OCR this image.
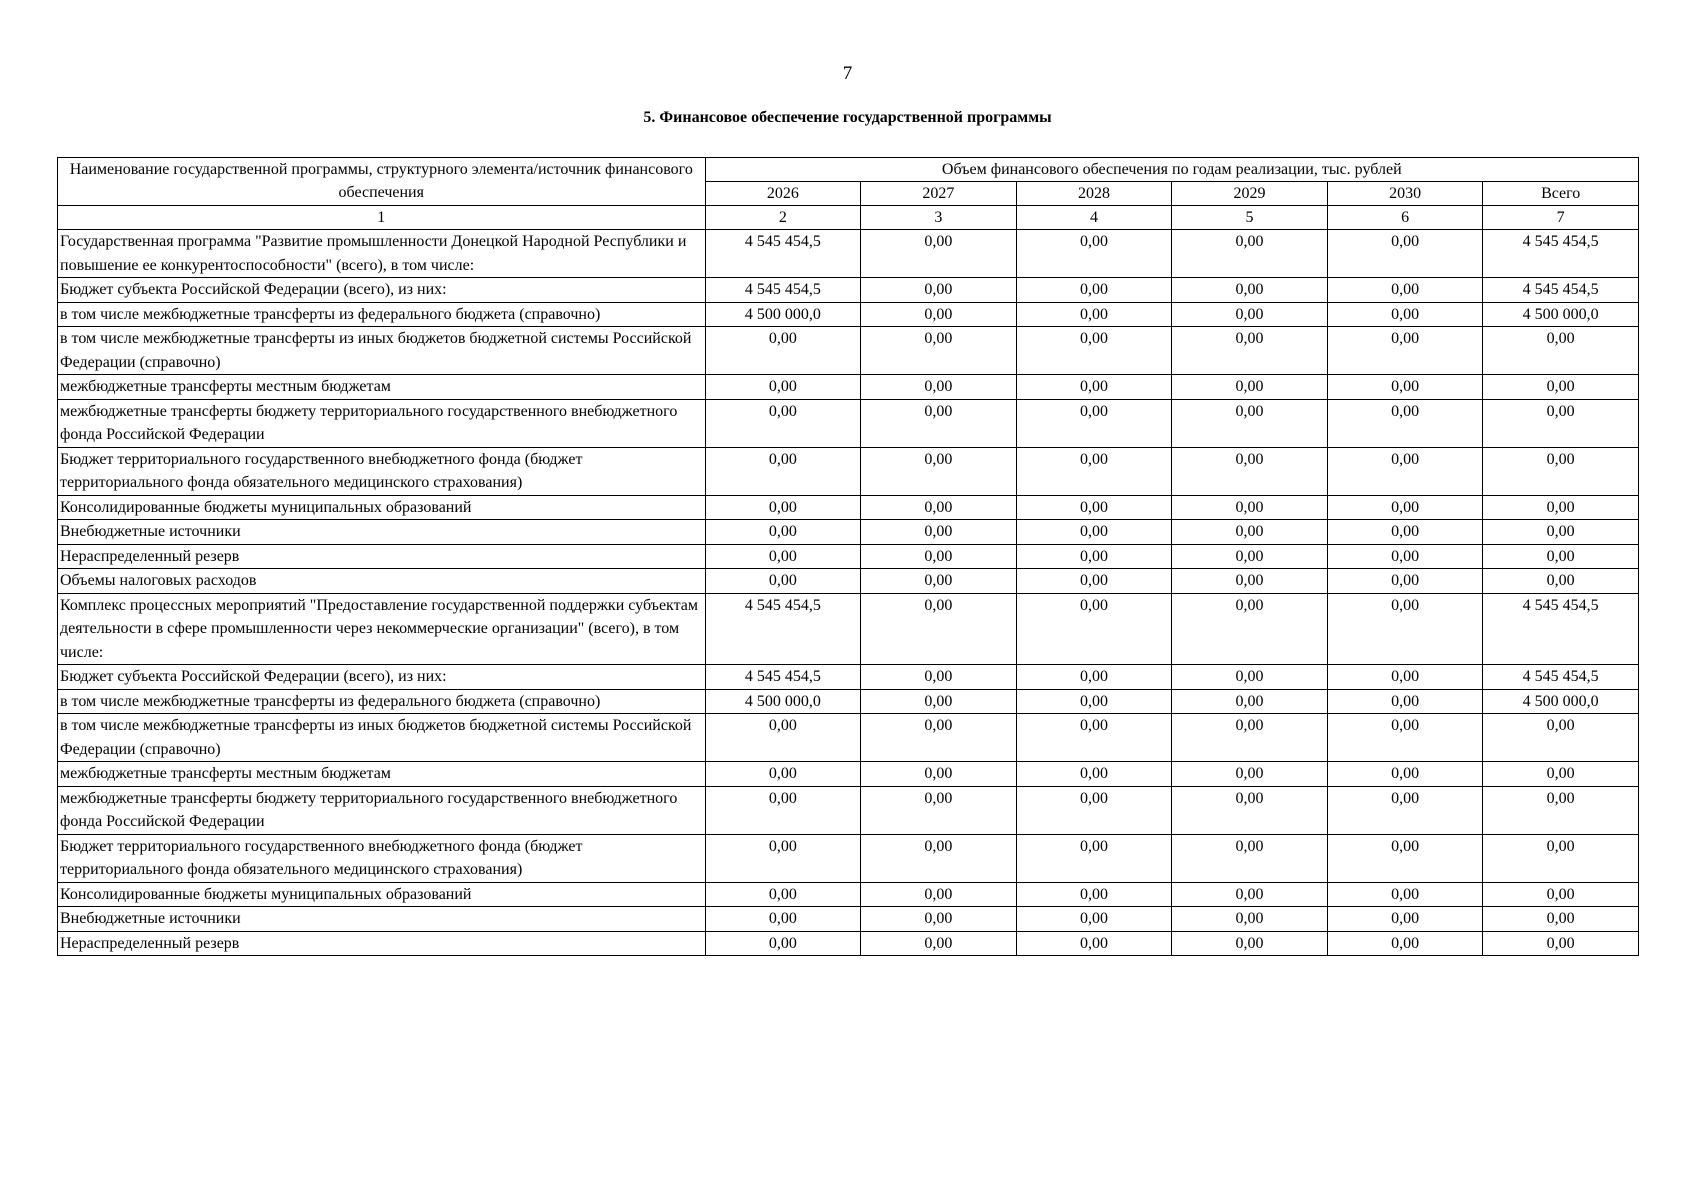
7
5. Финансовое обеспечение государственной программы
Наименование государственной программы, структурного элемента/источник финансового обеспечения	Объем финансового обеспечения по годам реализации, тыс. рублей					
	2026	2027	2028	2029	2030	Всего
1	2	3	4	5	6	7
Государственная программа "Развитие промышленности Донецкой Народной Республики и повышение ее конкурентоспособности" (всего), в том числе:	4 545 454,5	0,00	0,00	0,00	0,00	4 545 454,5
Бюджет субъекта Российской Федерации (всего), из них:	4 545 454,5	0,00	0,00	0,00	0,00	4 545 454,5
в том числе межбюджетные трансферты из федерального бюджета (справочно)	4 500 000,0	0,00	0,00	0,00	0,00	4 500 000,0
в том числе межбюджетные трансферты из иных бюджетов бюджетной системы Российской Федерации (справочно)	0,00	0,00	0,00	0,00	0,00	0,00
межбюджетные трансферты местным бюджетам	0,00	0,00	0,00	0,00	0,00	0,00
межбюджетные трансферты бюджету территориального государственного внебюджетного фонда Российской Федерации	0,00	0,00	0,00	0,00	0,00	0,00
Бюджет территориального государственного внебюджетного фонда (бюджет территориального фонда обязательного медицинского страхования)	0,00	0,00	0,00	0,00	0,00	0,00
Консолидированные бюджеты муниципальных образований	0,00	0,00	0,00	0,00	0,00	0,00
Внебюджетные источники	0,00	0,00	0,00	0,00	0,00	0,00
Нераспределенный резерв	0,00	0,00	0,00	0,00	0,00	0,00
Объемы налоговых расходов	0,00	0,00	0,00	0,00	0,00	0,00
Комплекс процессных мероприятий "Предоставление государственной поддержки субъектам деятельности в сфере промышленности через некоммерческие организации" (всего), в том числе:	4 545 454,5	0,00	0,00	0,00	0,00	4 545 454,5
Бюджет субъекта Российской Федерации (всего), из них:	4 545 454,5	0,00	0,00	0,00	0,00	4 545 454,5
в том числе межбюджетные трансферты из федерального бюджета (справочно)	4 500 000,0	0,00	0,00	0,00	0,00	4 500 000,0
в том числе межбюджетные трансферты из иных бюджетов бюджетной системы Российской Федерации (справочно)	0,00	0,00	0,00	0,00	0,00	0,00
межбюджетные трансферты местным бюджетам	0,00	0,00	0,00	0,00	0,00	0,00
межбюджетные трансферты бюджету территориального государственного внебюджетного фонда Российской Федерации	0,00	0,00	0,00	0,00	0,00	0,00
Бюджет территориального государственного внебюджетного фонда (бюджет территориального фонда обязательного медицинского страхования)	0,00	0,00	0,00	0,00	0,00	0,00
Консолидированные бюджеты муниципальных образований	0,00	0,00	0,00	0,00	0,00	0,00
Внебюджетные источники	0,00	0,00	0,00	0,00	0,00	0,00
Нераспределенный резерв	0,00	0,00	0,00	0,00	0,00	0,00
